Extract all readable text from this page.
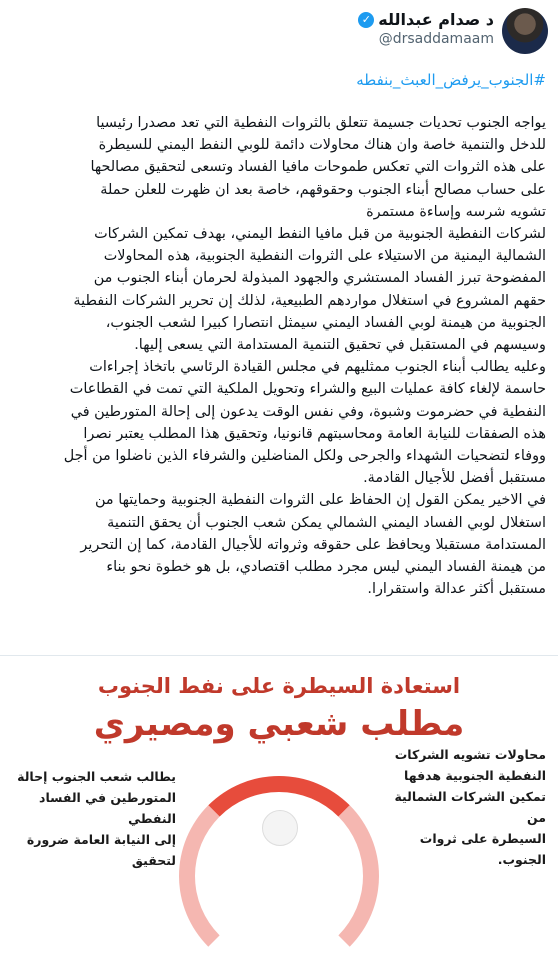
د صدام عبدالله
✓
@drsaddamaam
#الجنوب_يرفض_العبث_بنفطه
يواجه الجنوب تحديات جسيمة تتعلق بالثروات النفطية التي تعد مصدرا رئيسيا
للدخل والتنمية خاصة وان هناك محاولات دائمة للوبي النفط اليمني للسيطرة
على هذه الثروات التي تعكس طموحات مافيا الفساد وتسعى لتحقيق مصالحها
على حساب مصالح أبناء الجنوب وحقوقهم، خاصة بعد ان ظهرت للعلن حملة
تشويه شرسه وإساءة مستمرة
لشركات النفطية الجنوبية من قبل مافيا النفط اليمني، بهدف تمكين الشركات
الشمالية اليمنية من الاستيلاء على الثروات النفطية الجنوبية، هذه المحاولات
المفضوحة تبرز الفساد المستشري والجهود المبذولة لحرمان أبناء الجنوب من
حقهم المشروع في استغلال مواردهم الطبيعية، لذلك إن تحرير الشركات النفطية
الجنوبية من هيمنة لوبي الفساد اليمني سيمثل انتصارا كبيرا لشعب الجنوب،
وسيسهم في المستقبل في تحقيق التنمية المستدامة التي يسعى إليها.
وعليه يطالب أبناء الجنوب ممثليهم في مجلس القيادة الرئاسي باتخاذ إجراءات
حاسمة لإلغاء كافة عمليات البيع والشراء وتحويل الملكية التي تمت في القطاعات
النفطية في حضرموت وشبوة، وفي نفس الوقت يدعون إلى إحالة المتورطين في
هذه الصفقات للنيابة العامة ومحاسبتهم قانونيا، وتحقيق هذا المطلب يعتبر نصرا
ووفاء لتضحيات الشهداء والجرحى ولكل المناضلين والشرفاء الذين ناضلوا من أجل
مستقبل أفضل للأجيال القادمة.
في الاخير يمكن القول إن الحفاظ على الثروات النفطية الجنوبية وحمايتها من
استغلال لوبي الفساد اليمني الشمالي يمكن شعب الجنوب أن يحقق التنمية
المستدامة مستقبلا ويحافظ على حقوقه وثرواته للأجيال القادمة، كما إن التحرير
من هيمنة الفساد اليمني ليس مجرد مطلب اقتصادي، بل هو خطوة نحو بناء
مستقبل أكثر عدالة واستقرارا.
استعادة السيطرة على نفط الجنوب
مطلب شعبي ومصيري
محاولات تشويه الشركات
النفطية الجنوبية هدفها
تمكين الشركات الشمالية من
السيطرة على ثروات الجنوب.
يطالب شعب الجنوب إحالة
المتورطين في الفساد النفطي
إلى النيابة العامة ضرورة لتحقيق
